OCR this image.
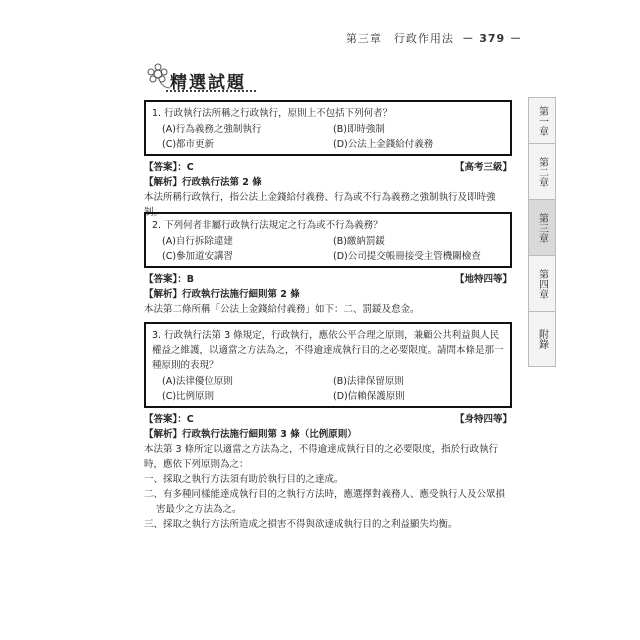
第三章　行政作用法 － 379 －
精選試題
1. 行政執行法所稱之行政執行，原則上不包括下列何者？
(A)行為義務之強制執行	(B)即時強制
(C)都市更新	(D)公法上金錢給付義務
【答案】：C	【高考三級】
【解析】行政執行法第 2 條

本法所稱行政執行，指公法上金錢給付義務、行為或不行為義務之強制執行及即時強制。

2. 下列何者非屬行政執行法規定之行為或不行為義務？
(A)自行拆除違建	(B)繳納罰鍰
(C)參加道安講習	(D)公司提交帳冊接受主管機關檢查
【答案】：B	【地特四等】
【解析】行政執行法施行細則第 2 條

本法第二條所稱「公法上金錢給付義務」如下：二、罰鍰及怠金。

3. 行政執行法第 3 條規定，行政執行，應依公平合理之原則，兼顧公共利益與人民權益之維護，以適當之方法為之，不得逾達成執行目的之必要限度。請問本條是那一種原則的表現？
(A)法律優位原則	(B)法律保留原則
(C)比例原則	(D)信賴保護原則
【答案】：C	【身特四等】
【解析】行政執行法施行細則第 3 條（比例原則）

本法第 3 條所定以適當之方法為之，不得逾達成執行目的之必要限度，指於行政執行時，應依下列原則為之：

一、採取之執行方法須有助於執行目的之達成。

二、有多種同樣能達成執行目的之執行方法時，應選擇對義務人、應受執行人及公眾損害最少之方法為之。

三、採取之執行方法所造成之損害不得與欲達成執行目的之利益顯失均衡。

第一章
第二章
第三章
第四章
附錄
